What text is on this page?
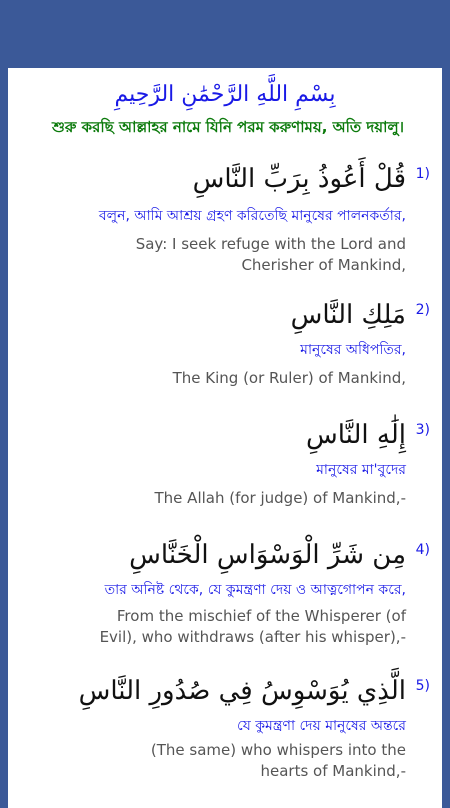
بِسْمِ اللَّهِ الرَّحْمَٰنِ الرَّحِيمِ
শুরু করছি আল্লাহর নামে যিনি পরম করুণাময়, অতি দয়ালু।
1)
قُلْ أَعُوذُ بِرَبِّ النَّاسِ
বলুন, আমি আশ্রয় গ্রহণ করিতেছি মানুষের পালনকর্তার,
Say: I seek refuge with the Lord and Cherisher of Mankind,
2)
مَلِكِ النَّاسِ
মানুষের অধিপতির,
The King (or Ruler) of Mankind,
3)
إِلَٰهِ النَّاسِ
মানুষের মা'বুদের
The Allah (for judge) of Mankind,-
4)
مِن شَرِّ الْوَسْوَاسِ الْخَنَّاسِ
তার অনিষ্ট থেকে, যে কুমন্ত্রণা দেয় ও আত্নগোপন করে,
From the mischief of the Whisperer (of Evil), who withdraws (after his whisper),-
5)
الَّذِي يُوَسْوِسُ فِي صُدُورِ النَّاسِ
যে কুমন্ত্রণা দেয় মানুষের অন্তরে
(The same) who whispers into the hearts of Mankind,-
